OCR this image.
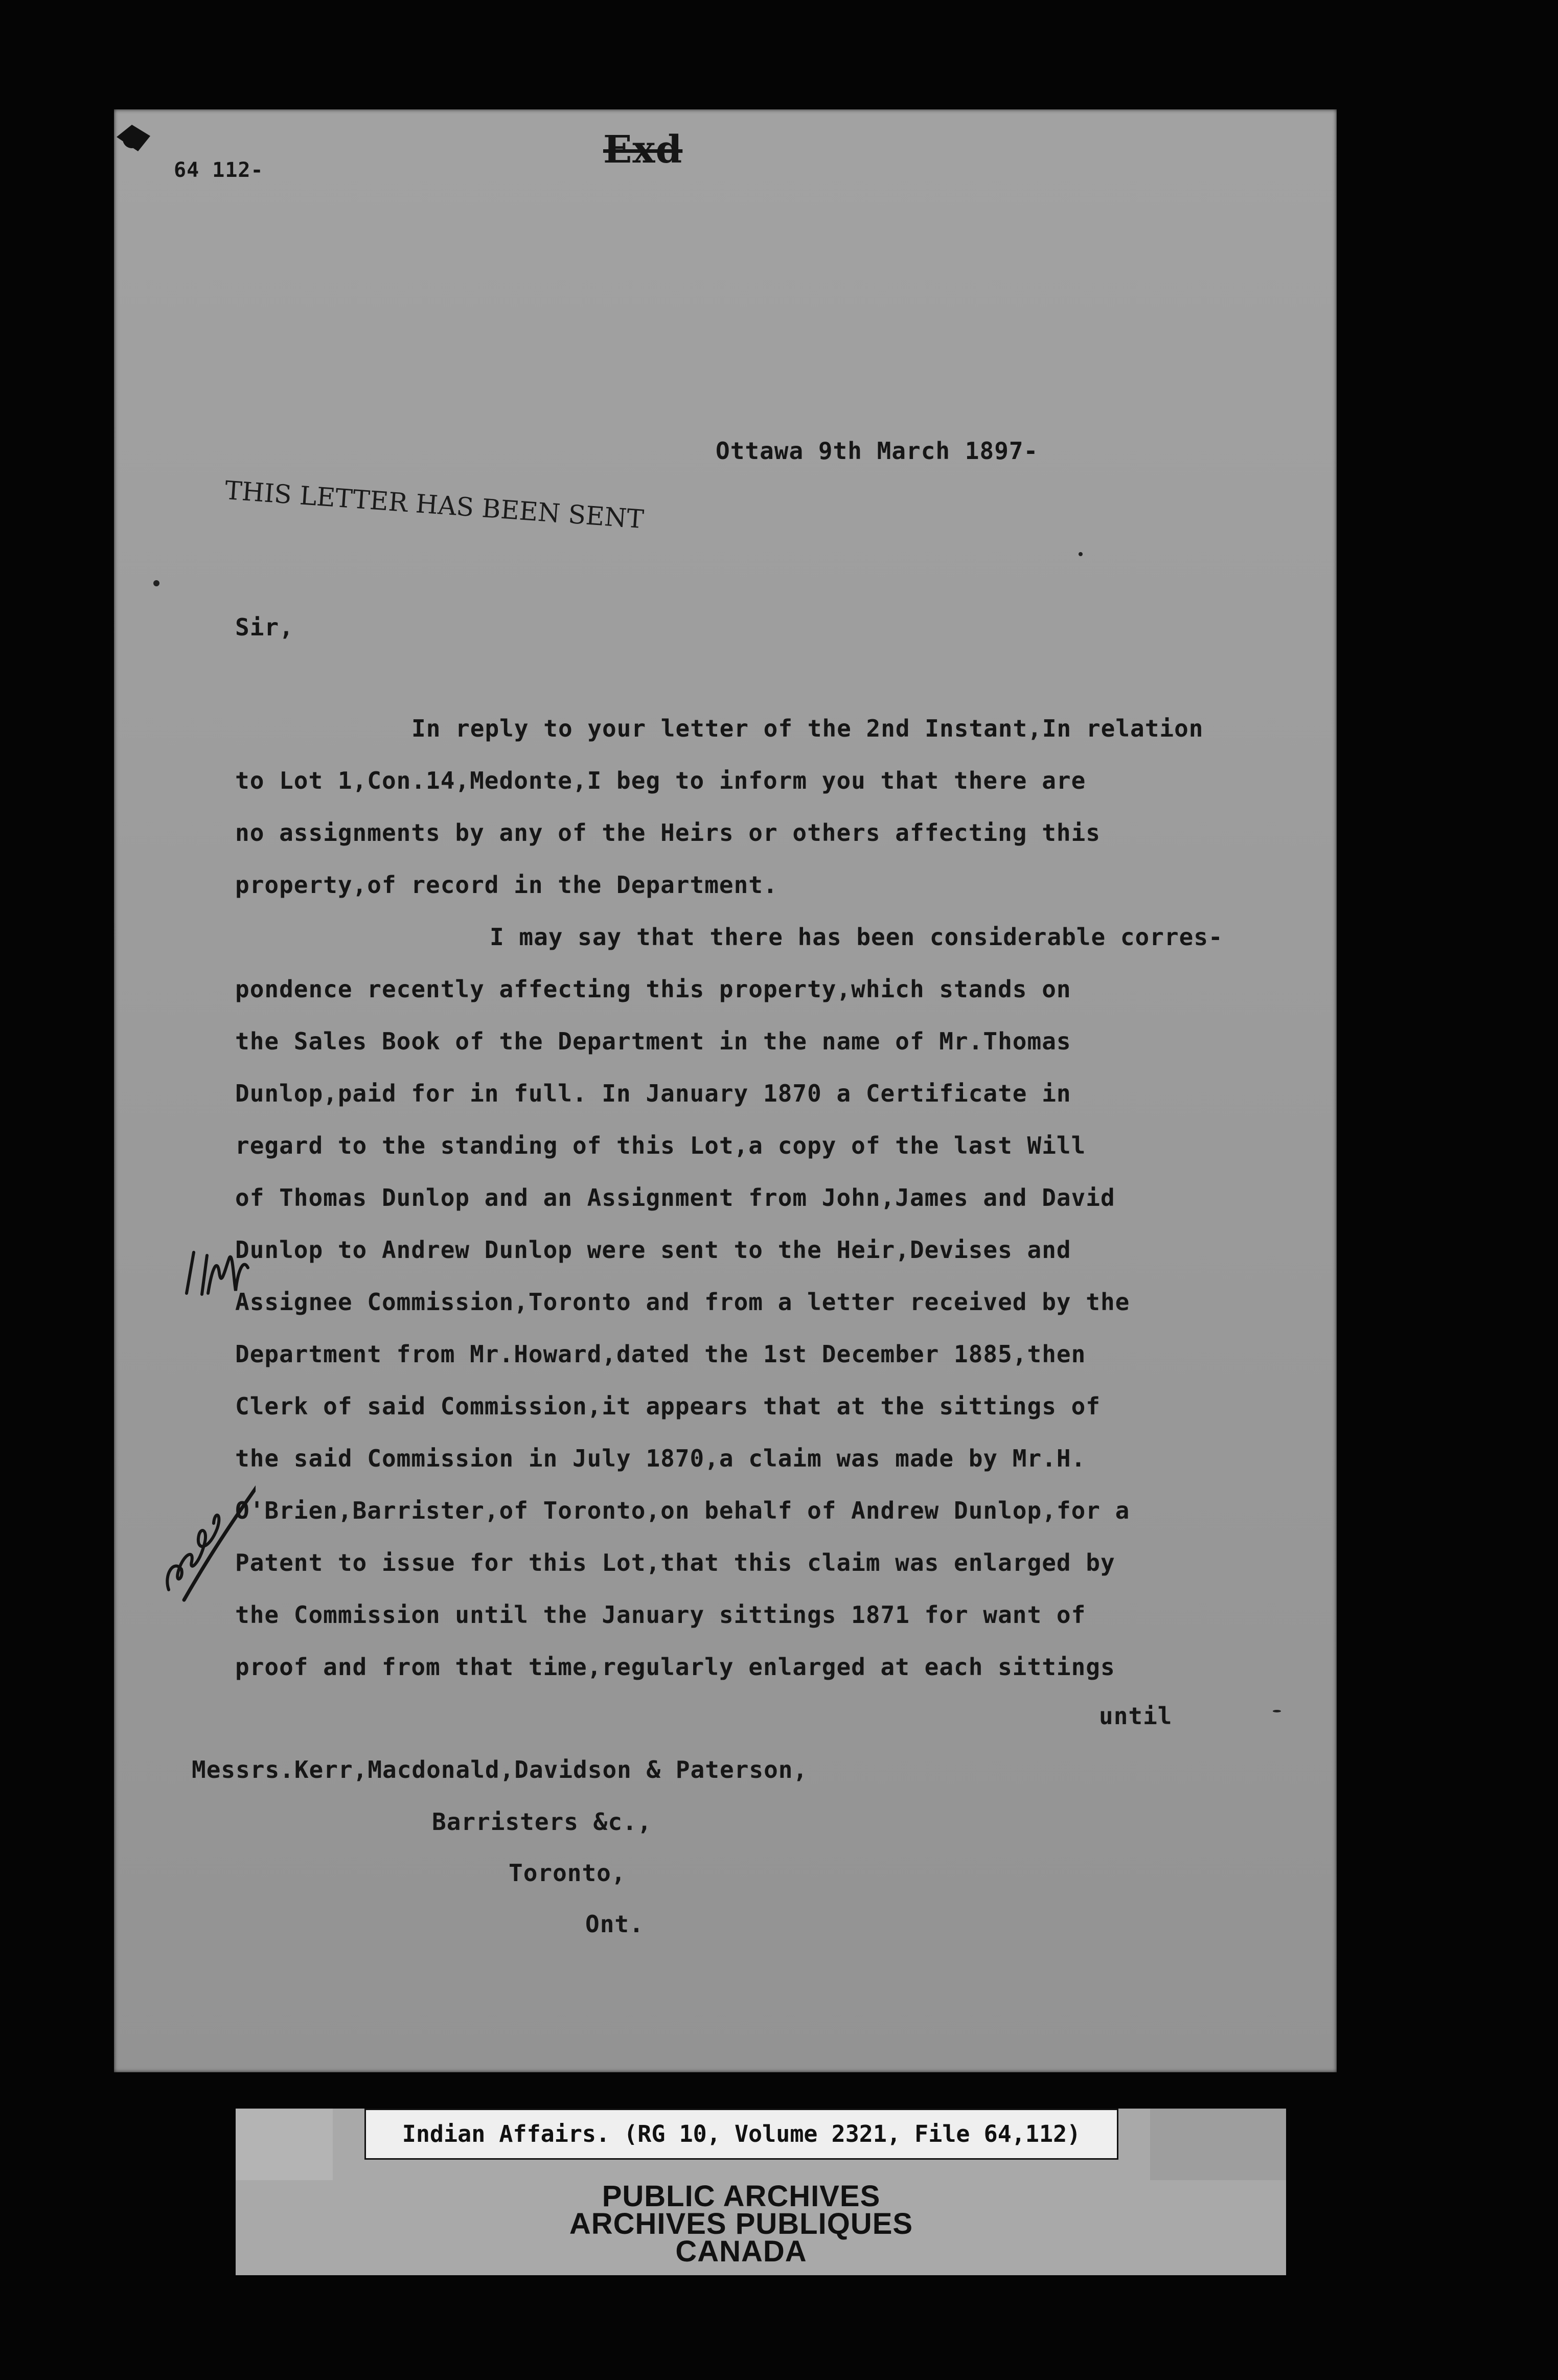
64 112-	Exd
Ottawa 9th March 1897-
THIS LETTER HAS BEEN SENT
Sir,
In reply to your letter of the 2nd Instant,In relation
to Lot 1,Con.14,Medonte,I beg to inform you that there are
no assignments by any of the Heirs or others affecting this
property,of record in the Department.
I may say that there has been considerable corres-
pondence recently affecting this property,which stands on
the Sales Book of the Department in the name of Mr.Thomas
Dunlop,paid for in full. In January 1870 a Certificate in
regard to the standing of this Lot,a copy of the last Will
of Thomas Dunlop and an Assignment from John,James and David
Dunlop to Andrew Dunlop were sent to the Heir,Devises and
Assignee Commission,Toronto and from a letter received by the
Department from Mr.Howard,dated the 1st December 1885,then
Clerk of said Commission,it appears that at the sittings of
the said Commission in July 1870,a claim was made by Mr.H.
O'Brien,Barrister,of Toronto,on behalf of Andrew Dunlop,for a
Patent to issue for this Lot,that this claim was enlarged by
the Commission until the January sittings 1871 for want of
proof and from that time,regularly enlarged at each sittings
until
Messrs.Kerr,Macdonald,Davidson & Paterson,
Barristers &c.,
Toronto,
Ont.
Indian Affairs. (RG 10, Volume 2321, File 64,112)
PUBLIC ARCHIVES
ARCHIVES PUBLIQUES
CANADA
